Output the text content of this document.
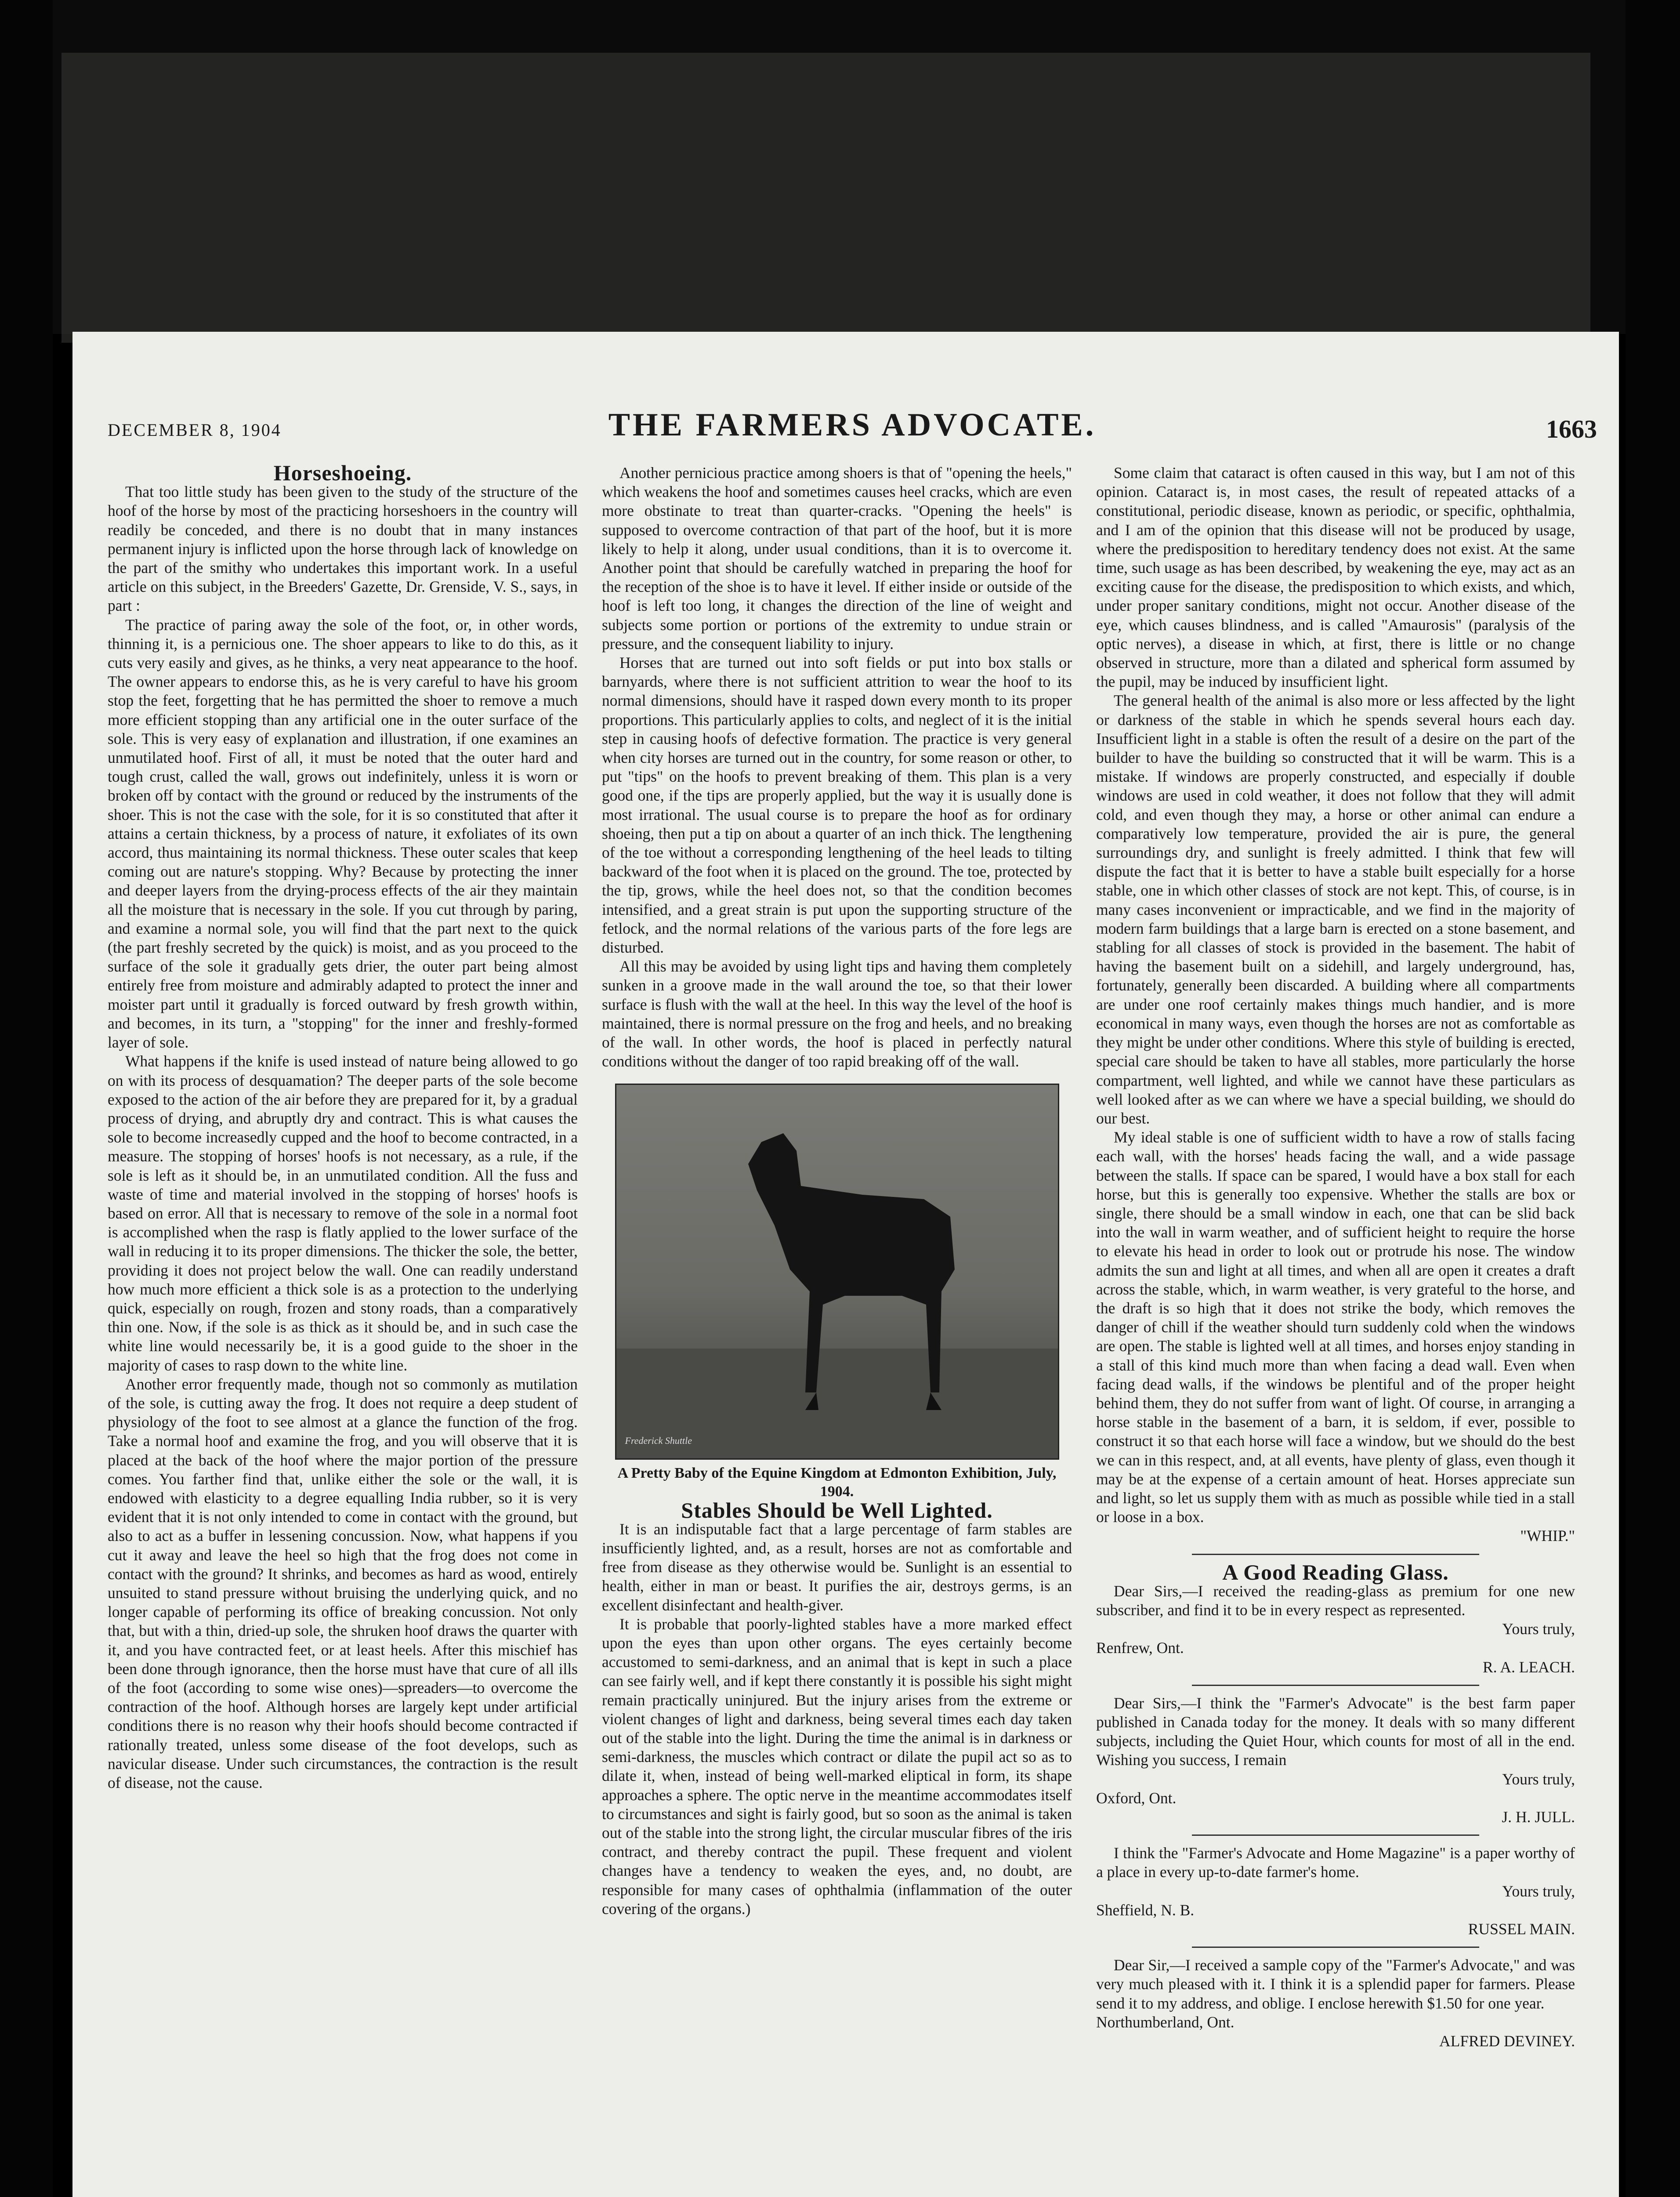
DECEMBER 8, 1904	THE FARMERS ADVOCATE.	1663

Horseshoeing.

That too little study has been given to the study of the structure of the hoof of the horse by most of the practicing horseshoers in the country will readily be conceded, and there is no doubt that in many instances permanent injury is inflicted upon the horse through lack of knowledge on the part of the smithy who undertakes this important work. In a useful article on this subject, in the Breeders' Gazette, Dr. Grenside, V. S., says, in part :

The practice of paring away the sole of the foot, or, in other words, thinning it, is a pernicious one. The shoer appears to like to do this, as it cuts very easily and gives, as he thinks, a very neat appearance to the hoof. The owner appears to endorse this, as he is very careful to have his groom stop the feet, forgetting that he has permitted the shoer to remove a much more efficient stopping than any artificial one in the outer surface of the sole. This is very easy of explanation and illustration, if one examines an unmutilated hoof. First of all, it must be noted that the outer hard and tough crust, called the wall, grows out indefinitely, unless it is worn or broken off by contact with the ground or reduced by the instruments of the shoer. This is not the case with the sole, for it is so constituted that after it attains a certain thickness, by a process of nature, it exfoliates of its own accord, thus maintaining its normal thickness. These outer scales that keep coming out are nature's stopping. Why? Because by protecting the inner and deeper layers from the drying-process effects of the air they maintain all the moisture that is necessary in the sole. If you cut through by paring, and examine a normal sole, you will find that the part next to the quick (the part freshly secreted by the quick) is moist, and as you proceed to the surface of the sole it gradually gets drier, the outer part being almost entirely free from moisture and admirably adapted to protect the inner and moister part until it gradually is forced outward by fresh growth within, and becomes, in its turn, a "stopping" for the inner and freshly-formed layer of sole.

What happens if the knife is used instead of nature being allowed to go on with its process of desquamation? The deeper parts of the sole become exposed to the action of the air before they are prepared for it, by a gradual process of drying, and abruptly dry and contract. This is what causes the sole to become increasedly cupped and the hoof to become contracted, in a measure. The stopping of horses' hoofs is not necessary, as a rule, if the sole is left as it should be, in an unmutilated condition. All the fuss and waste of time and material involved in the stopping of horses' hoofs is based on error. All that is necessary to remove of the sole in a normal foot is accomplished when the rasp is flatly applied to the lower surface of the wall in reducing it to its proper dimensions. The thicker the sole, the better, providing it does not project below the wall. One can readily understand how much more efficient a thick sole is as a protection to the underlying quick, especially on rough, frozen and stony roads, than a comparatively thin one. Now, if the sole is as thick as it should be, and in such case the white line would necessarily be, it is a good guide to the shoer in the majority of cases to rasp down to the white line.

Another error frequently made, though not so commonly as mutilation of the sole, is cutting away the frog. It does not require a deep student of physiology of the foot to see almost at a glance the function of the frog. Take a normal hoof and examine the frog, and you will observe that it is placed at the back of the hoof where the major portion of the pressure comes. You farther find that, unlike either the sole or the wall, it is endowed with elasticity to a degree equalling India rubber, so it is very evident that it is not only intended to come in contact with the ground, but also to act as a buffer in lessening concussion. Now, what happens if you cut it away and leave the heel so high that the frog does not come in contact with the ground? It shrinks, and becomes as hard as wood, entirely unsuited to stand pressure without bruising the underlying quick, and no longer capable of performing its office of breaking concussion. Not only that, but with a thin, dried-up sole, the shruken hoof draws the quarter with it, and you have contracted feet, or at least heels. After this mischief has been done through ignorance, then the horse must have that cure of all ills of the foot (according to some wise ones)—spreaders—to overcome the contraction of the hoof. Although horses are largely kept under artificial conditions there is no reason why their hoofs should become contracted if rationally treated, unless some disease of the foot develops, such as navicular disease. Under such circumstances, the contraction is the result of disease, not the cause.

Another pernicious practice among shoers is that of "opening the heels," which weakens the hoof and sometimes causes heel cracks, which are even more obstinate to treat than quarter-cracks. "Opening the heels" is supposed to overcome contraction of that part of the hoof, but it is more likely to help it along, under usual conditions, than it is to overcome it. Another point that should be carefully watched in preparing the hoof for the reception of the shoe is to have it level. If either inside or outside of the hoof is left too long, it changes the direction of the line of weight and subjects some portion or portions of the extremity to undue strain or pressure, and the consequent liability to injury.

Horses that are turned out into soft fields or put into box stalls or barnyards, where there is not sufficient attrition to wear the hoof to its normal dimensions, should have it rasped down every month to its proper proportions. This particularly applies to colts, and neglect of it is the initial step in causing hoofs of defective formation. The practice is very general when city horses are turned out in the country, for some reason or other, to put "tips" on the hoofs to prevent breaking of them. This plan is a very good one, if the tips are properly applied, but the way it is usually done is most irrational. The usual course is to prepare the hoof as for ordinary shoeing, then put a tip on about a quarter of an inch thick. The lengthening of the toe without a corresponding lengthening of the heel leads to tilting backward of the foot when it is placed on the ground. The toe, protected by the tip, grows, while the heel does not, so that the condition becomes intensified, and a great strain is put upon the supporting structure of the fetlock, and the normal relations of the various parts of the fore legs are disturbed.

All this may be avoided by using light tips and having them completely sunken in a groove made in the wall around the toe, so that their lower surface is flush with the wall at the heel. In this way the level of the hoof is maintained, there is normal pressure on the frog and heels, and no breaking of the wall. In other words, the hoof is placed in perfectly natural conditions without the danger of too rapid breaking off of the wall.

Frederick Shuttle

A Pretty Baby of the Equine Kingdom at Edmonton Exhibition, July, 1904.

Stables Should be Well Lighted.

It is an indisputable fact that a large percentage of farm stables are insufficiently lighted, and, as a result, horses are not as comfortable and free from disease as they otherwise would be. Sunlight is an essential to health, either in man or beast. It purifies the air, destroys germs, is an excellent disinfectant and health-giver.

It is probable that poorly-lighted stables have a more marked effect upon the eyes than upon other organs. The eyes certainly become accustomed to semi-darkness, and an animal that is kept in such a place can see fairly well, and if kept there constantly it is possible his sight might remain practically uninjured. But the injury arises from the extreme or violent changes of light and darkness, being several times each day taken out of the stable into the light. During the time the animal is in darkness or semi-darkness, the muscles which contract or dilate the pupil act so as to dilate it, when, instead of being well-marked eliptical in form, its shape approaches a sphere. The optic nerve in the meantime accommodates itself to circumstances and sight is fairly good, but so soon as the animal is taken out of the stable into the strong light, the circular muscular fibres of the iris contract, and thereby contract the pupil. These frequent and violent changes have a tendency to weaken the eyes, and, no doubt, are responsible for many cases of ophthalmia (inflammation of the outer covering of the organs.)

Some claim that cataract is often caused in this way, but I am not of this opinion. Cataract is, in most cases, the result of repeated attacks of a constitutional, periodic disease, known as periodic, or specific, ophthalmia, and I am of the opinion that this disease will not be produced by usage, where the predisposition to hereditary tendency does not exist. At the same time, such usage as has been described, by weakening the eye, may act as an exciting cause for the disease, the predisposition to which exists, and which, under proper sanitary conditions, might not occur. Another disease of the eye, which causes blindness, and is called "Amaurosis" (paralysis of the optic nerves), a disease in which, at first, there is little or no change observed in structure, more than a dilated and spherical form assumed by the pupil, may be induced by insufficient light.

The general health of the animal is also more or less affected by the light or darkness of the stable in which he spends several hours each day. Insufficient light in a stable is often the result of a desire on the part of the builder to have the building so constructed that it will be warm. This is a mistake. If windows are properly constructed, and especially if double windows are used in cold weather, it does not follow that they will admit cold, and even though they may, a horse or other animal can endure a comparatively low temperature, provided the air is pure, the general surroundings dry, and sunlight is freely admitted. I think that few will dispute the fact that it is better to have a stable built especially for a horse stable, one in which other classes of stock are not kept. This, of course, is in many cases inconvenient or impracticable, and we find in the majority of modern farm buildings that a large barn is erected on a stone basement, and stabling for all classes of stock is provided in the basement. The habit of having the basement built on a sidehill, and largely underground, has, fortunately, generally been discarded. A building where all compartments are under one roof certainly makes things much handier, and is more economical in many ways, even though the horses are not as comfortable as they might be under other conditions. Where this style of building is erected, special care should be taken to have all stables, more particularly the horse compartment, well lighted, and while we cannot have these particulars as well looked after as we can where we have a special building, we should do our best.

My ideal stable is one of sufficient width to have a row of stalls facing each wall, with the horses' heads facing the wall, and a wide passage between the stalls. If space can be spared, I would have a box stall for each horse, but this is generally too expensive. Whether the stalls are box or single, there should be a small window in each, one that can be slid back into the wall in warm weather, and of sufficient height to require the horse to elevate his head in order to look out or protrude his nose. The window admits the sun and light at all times, and when all are open it creates a draft across the stable, which, in warm weather, is very grateful to the horse, and the draft is so high that it does not strike the body, which removes the danger of chill if the weather should turn suddenly cold when the windows are open. The stable is lighted well at all times, and horses enjoy standing in a stall of this kind much more than when facing a dead wall. Even when facing dead walls, if the windows be plentiful and of the proper height behind them, they do not suffer from want of light. Of course, in arranging a horse stable in the basement of a barn, it is seldom, if ever, possible to construct it so that each horse will face a window, but we should do the best we can in this respect, and, at all events, have plenty of glass, even though it may be at the expense of a certain amount of heat. Horses appreciate sun and light, so let us supply them with as much as possible while tied in a stall or loose in a box.

"WHIP."

A Good Reading Glass.

Dear Sirs,—I received the reading-glass as premium for one new subscriber, and find it to be in every respect as represented.

Yours truly,

Renfrew, Ont.

R. A. LEACH.

Dear Sirs,—I think the "Farmer's Advocate" is the best farm paper published in Canada today for the money. It deals with so many different subjects, including the Quiet Hour, which counts for most of all in the end. Wishing you success, I remain

Yours truly,

Oxford, Ont.

J. H. JULL.

I think the "Farmer's Advocate and Home Magazine" is a paper worthy of a place in every up-to-date farmer's home.

Yours truly,

Sheffield, N. B.

RUSSEL MAIN.

Dear Sir,—I received a sample copy of the "Farmer's Advocate," and was very much pleased with it. I think it is a splendid paper for farmers. Please send it to my address, and oblige. I enclose herewith $1.50 for one year.

Northumberland, Ont.

ALFRED DEVINEY.
